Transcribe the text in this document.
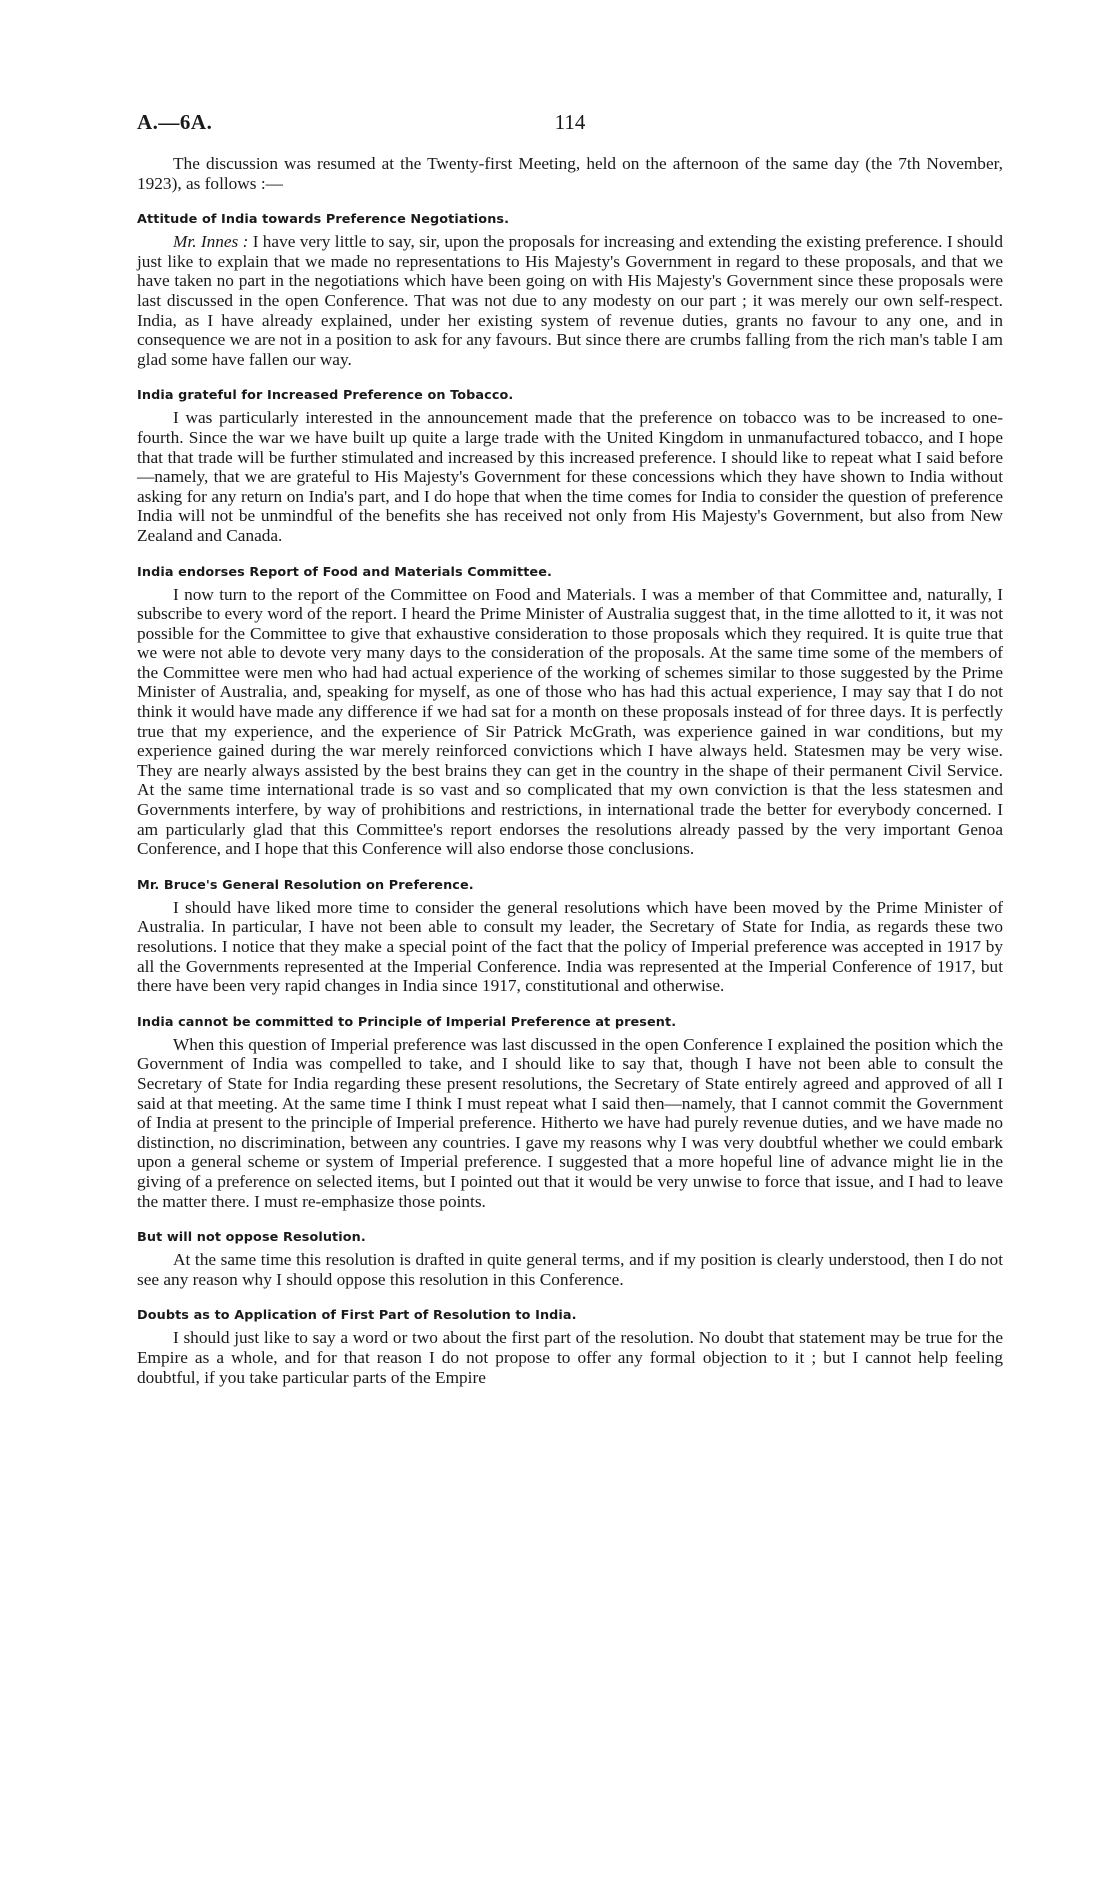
A.—6A.	114

The discussion was resumed at the Twenty-first Meeting, held on the afternoon of the same day (the 7th November, 1923), as follows :—

Attitude of India towards Preference Negotiations.

Mr. Innes : I have very little to say, sir, upon the proposals for increasing and extending the existing preference. I should just like to explain that we made no representations to His Majesty's Government in regard to these proposals, and that we have taken no part in the negotiations which have been going on with His Majesty's Government since these proposals were last discussed in the open Conference. That was not due to any modesty on our part ; it was merely our own self-respect. India, as I have already explained, under her existing system of revenue duties, grants no favour to any one, and in consequence we are not in a position to ask for any favours. But since there are crumbs falling from the rich man's table I am glad some have fallen our way.

India grateful for Increased Preference on Tobacco.

I was particularly interested in the announcement made that the preference on tobacco was to be increased to one-fourth. Since the war we have built up quite a large trade with the United Kingdom in unmanufactured tobacco, and I hope that that trade will be further stimulated and increased by this increased preference. I should like to repeat what I said before—namely, that we are grateful to His Majesty's Government for these concessions which they have shown to India without asking for any return on India's part, and I do hope that when the time comes for India to consider the question of preference India will not be unmindful of the benefits she has received not only from His Majesty's Government, but also from New Zealand and Canada.

India endorses Report of Food and Materials Committee.

I now turn to the report of the Committee on Food and Materials. I was a member of that Committee and, naturally, I subscribe to every word of the report. I heard the Prime Minister of Australia suggest that, in the time allotted to it, it was not possible for the Committee to give that exhaustive consideration to those proposals which they required. It is quite true that we were not able to devote very many days to the consideration of the proposals. At the same time some of the members of the Committee were men who had had actual experience of the working of schemes similar to those suggested by the Prime Minister of Australia, and, speaking for myself, as one of those who has had this actual experience, I may say that I do not think it would have made any difference if we had sat for a month on these proposals instead of for three days. It is perfectly true that my experience, and the experience of Sir Patrick McGrath, was experience gained in war conditions, but my experience gained during the war merely reinforced convictions which I have always held. Statesmen may be very wise. They are nearly always assisted by the best brains they can get in the country in the shape of their permanent Civil Service. At the same time international trade is so vast and so complicated that my own conviction is that the less statesmen and Governments interfere, by way of prohibitions and restrictions, in international trade the better for everybody concerned. I am particularly glad that this Committee's report endorses the resolutions already passed by the very important Genoa Conference, and I hope that this Conference will also endorse those conclusions.

Mr. Bruce's General Resolution on Preference.

I should have liked more time to consider the general resolutions which have been moved by the Prime Minister of Australia. In particular, I have not been able to consult my leader, the Secretary of State for India, as regards these two resolutions. I notice that they make a special point of the fact that the policy of Imperial preference was accepted in 1917 by all the Governments represented at the Imperial Conference. India was represented at the Imperial Conference of 1917, but there have been very rapid changes in India since 1917, constitutional and otherwise.

India cannot be committed to Principle of Imperial Preference at present.

When this question of Imperial preference was last discussed in the open Conference I explained the position which the Government of India was compelled to take, and I should like to say that, though I have not been able to consult the Secretary of State for India regarding these present resolutions, the Secretary of State entirely agreed and approved of all I said at that meeting. At the same time I think I must repeat what I said then—namely, that I cannot commit the Government of India at present to the principle of Imperial preference. Hitherto we have had purely revenue duties, and we have made no distinction, no discrimination, between any countries. I gave my reasons why I was very doubtful whether we could embark upon a general scheme or system of Imperial preference. I suggested that a more hopeful line of advance might lie in the giving of a preference on selected items, but I pointed out that it would be very unwise to force that issue, and I had to leave the matter there. I must re-emphasize those points.

But will not oppose Resolution.

At the same time this resolution is drafted in quite general terms, and if my position is clearly understood, then I do not see any reason why I should oppose this resolution in this Conference.

Doubts as to Application of First Part of Resolution to India.

I should just like to say a word or two about the first part of the resolution. No doubt that statement may be true for the Empire as a whole, and for that reason I do not propose to offer any formal objection to it ; but I cannot help feeling doubtful, if you take particular parts of the Empire
